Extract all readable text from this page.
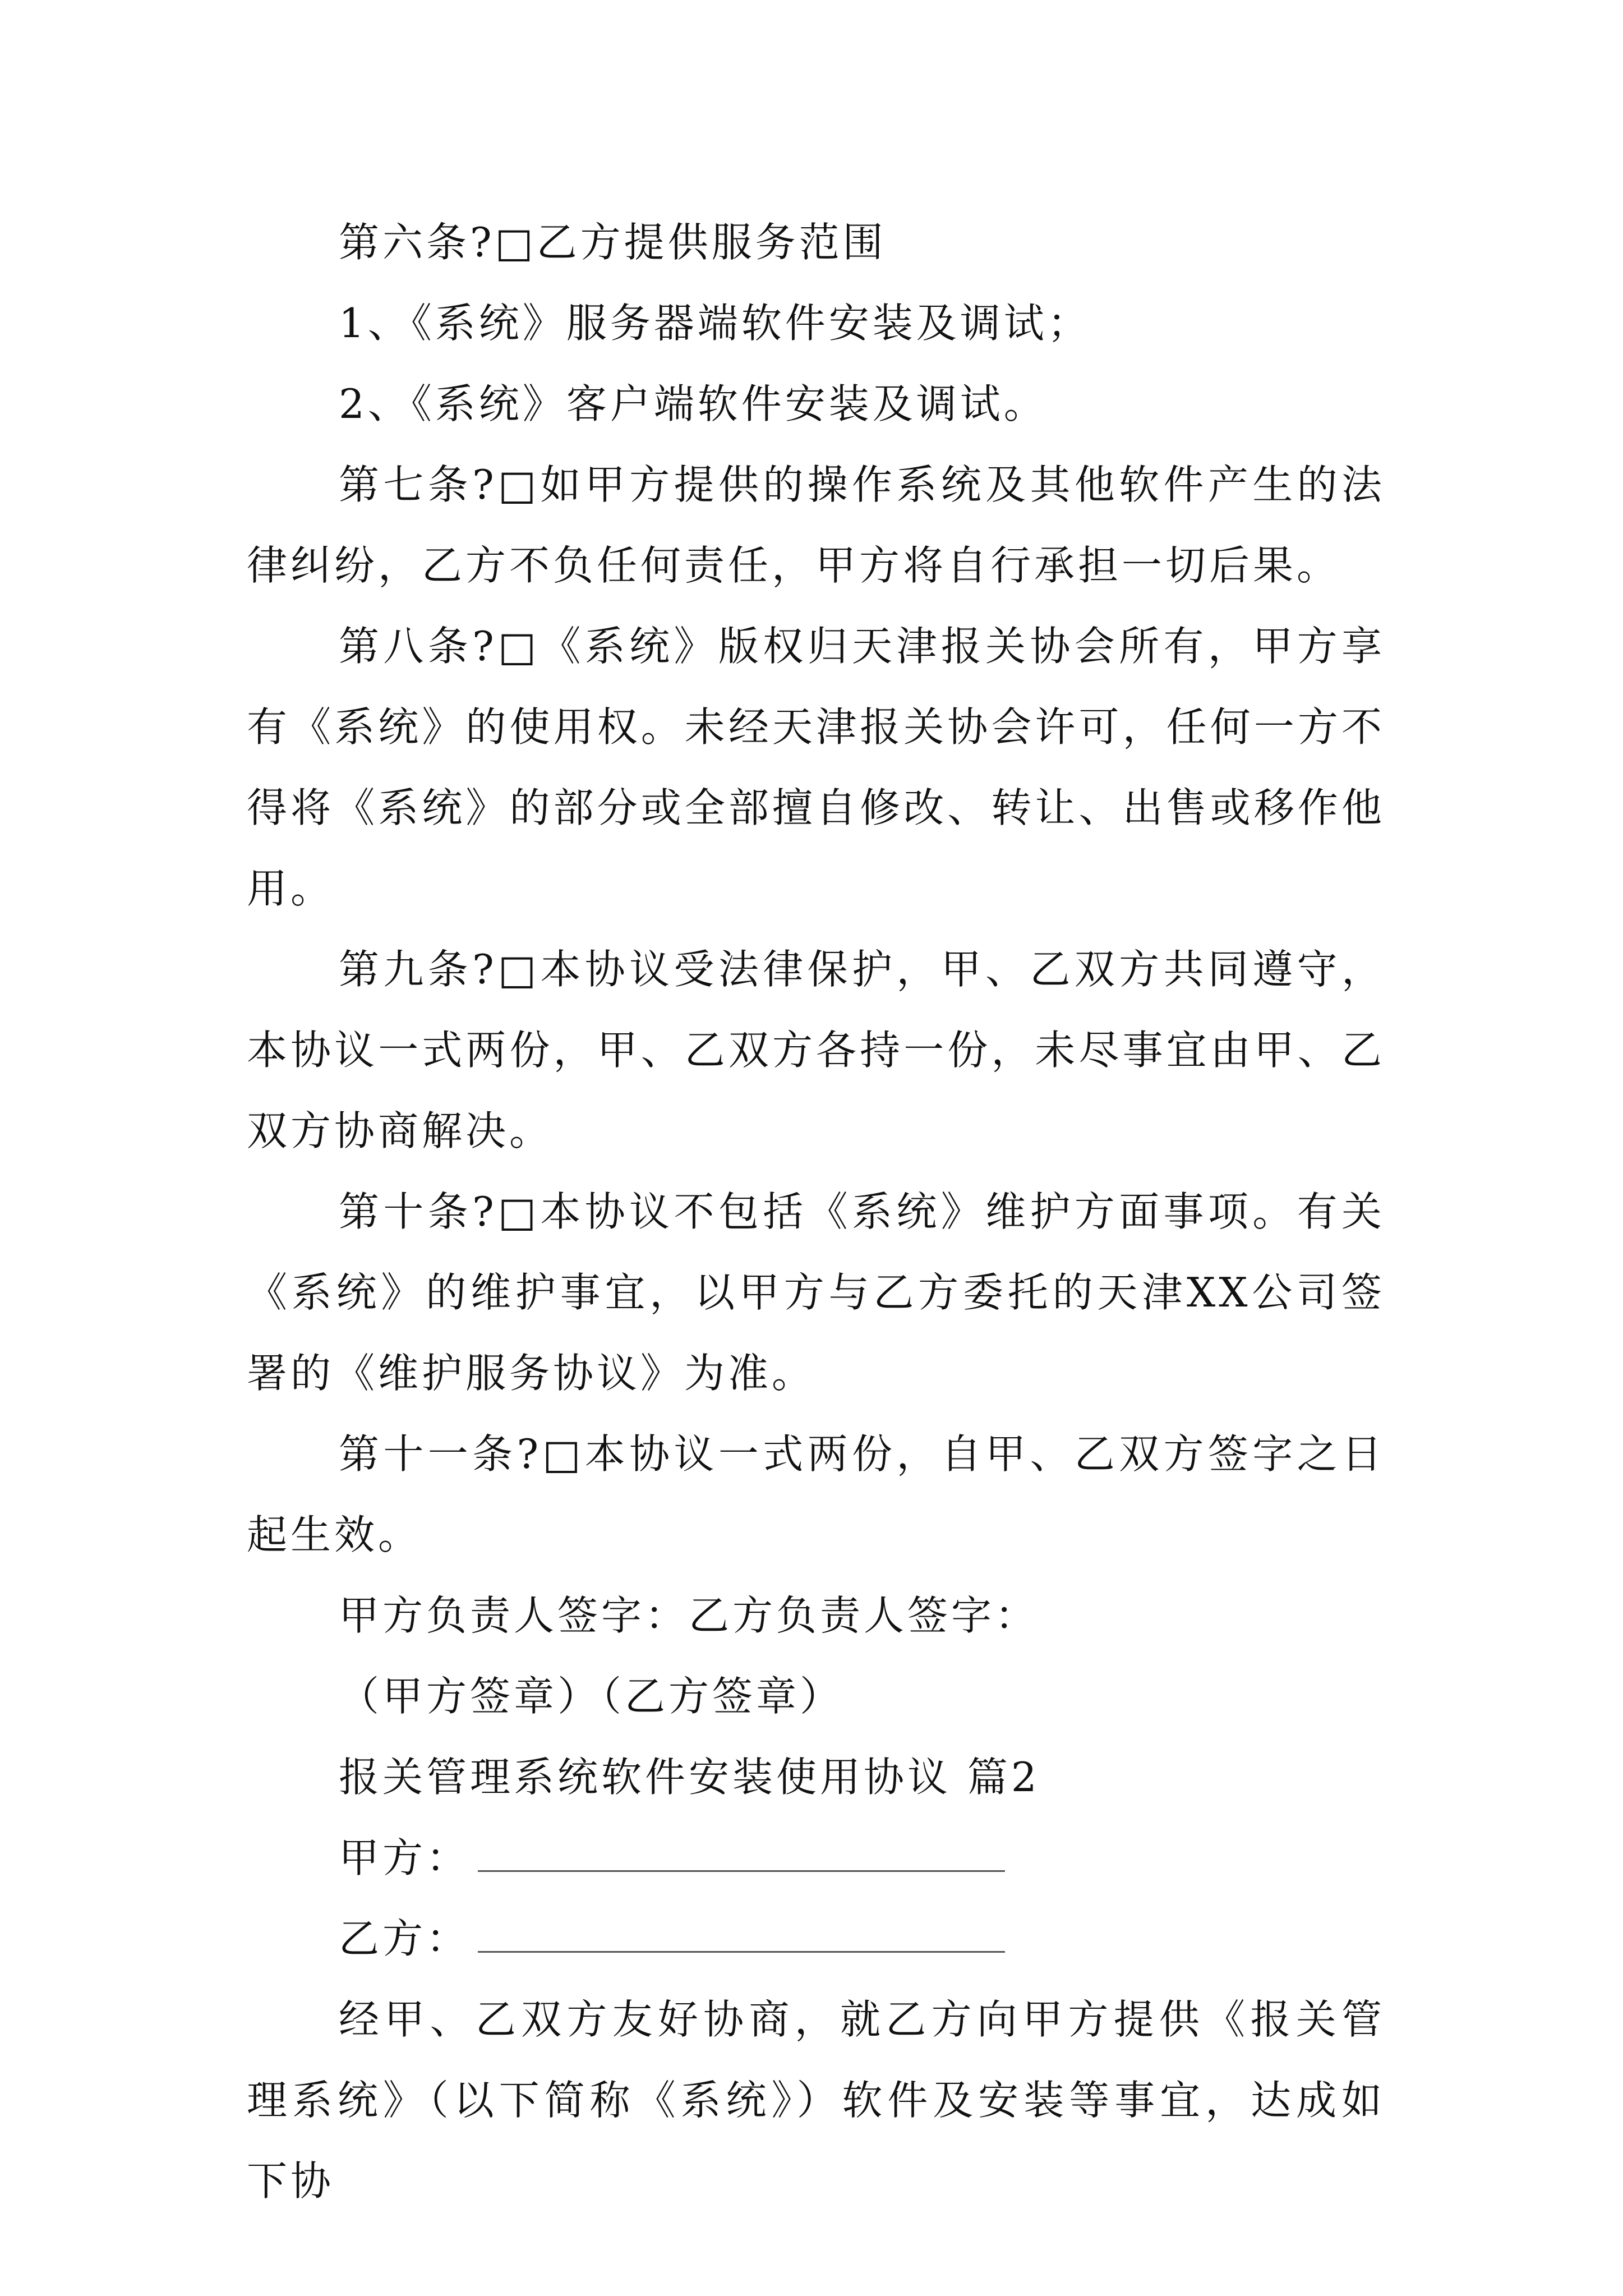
第六条?□乙方提供服务范围

1、《系统》服务器端软件安装及调试；

2、《系统》客户端软件安装及调试。

第七条?□如甲方提供的操作系统及其他软件产生的法律纠纷，乙方不负任何责任，甲方将自行承担一切后果。

第八条?□《系统》版权归天津报关协会所有，甲方享有《系统》的使用权。未经天津报关协会许可，任何一方不得将《系统》的部分或全部擅自修改、转让、出售或移作他用。

第九条?□本协议受法律保护，甲、乙双方共同遵守，本协议一式两份，甲、乙双方各持一份，未尽事宜由甲、乙双方协商解决。

第十条?□本协议不包括《系统》维护方面事项。有关《系统》的维护事宜，以甲方与乙方委托的天津XX公司签署的《维护服务协议》为准。

第十一条?□本协议一式两份，自甲、乙双方签字之日起生效。

甲方负责人签字：乙方负责人签字：

（甲方签章）（乙方签章）

报关管理系统软件安装使用协议 篇2

甲方：

乙方：

经甲、乙双方友好协商，就乙方向甲方提供《报关管理系统》（以下简称《系统》）软件及安装等事宜，达成如下协
